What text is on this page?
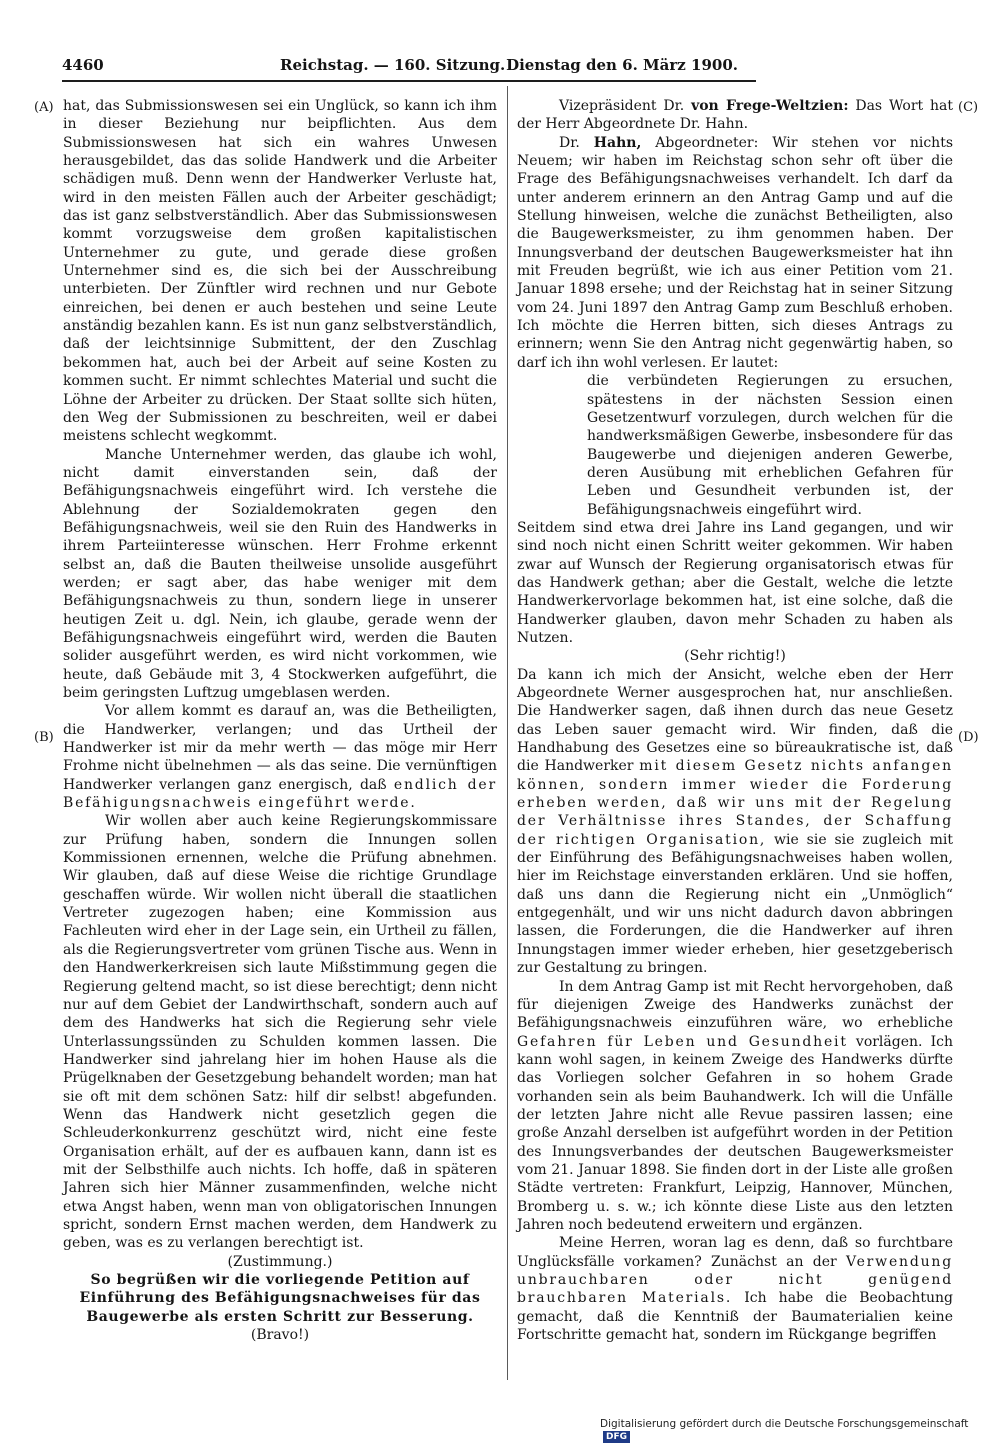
4460	Reichstag. — 160. Sitzung. Dienstag den 6. März 1900.
(A)
(B)
(C)
(D)

hat, das Submissionswesen sei ein Unglück, so kann ich ihm in dieser Beziehung nur beipflichten. Aus dem Submissionswesen hat sich ein wahres Unwesen herausgebildet, das das solide Handwerk und die Arbeiter schädigen muß. Denn wenn der Handwerker Verluste hat, wird in den meisten Fällen auch der Arbeiter geschädigt; das ist ganz selbstverständlich. Aber das Submissionswesen kommt vorzugsweise dem großen kapitalistischen Unternehmer zu gute, und gerade diese großen Unternehmer sind es, die sich bei der Ausschreibung unterbieten. Der Zünftler wird rechnen und nur Gebote einreichen, bei denen er auch bestehen und seine Leute anständig bezahlen kann. Es ist nun ganz selbstverständlich, daß der leichtsinnige Submittent, der den Zuschlag bekommen hat, auch bei der Arbeit auf seine Kosten zu kommen sucht. Er nimmt schlechtes Material und sucht die Löhne der Arbeiter zu drücken. Der Staat sollte sich hüten, den Weg der Submissionen zu beschreiten, weil er dabei meistens schlecht wegkommt.

Manche Unternehmer werden, das glaube ich wohl, nicht damit einverstanden sein, daß der Befähigungsnachweis eingeführt wird. Ich verstehe die Ablehnung der Sozialdemokraten gegen den Befähigungsnachweis, weil sie den Ruin des Handwerks in ihrem Parteiinteresse wünschen. Herr Frohme erkennt selbst an, daß die Bauten theilweise unsolide ausgeführt werden; er sagt aber, das habe weniger mit dem Befähigungsnachweis zu thun, sondern liege in unserer heutigen Zeit u. dgl. Nein, ich glaube, gerade wenn der Befähigungsnachweis eingeführt wird, werden die Bauten solider ausgeführt werden, es wird nicht vorkommen, wie heute, daß Gebäude mit 3, 4 Stockwerken aufgeführt, die beim geringsten Luftzug umgeblasen werden.

Vor allem kommt es darauf an, was die Betheiligten, die Handwerker, verlangen; und das Urtheil der Handwerker ist mir da mehr werth — das möge mir Herr Frohme nicht übelnehmen — als das seine. Die vernünftigen Handwerker verlangen ganz energisch, daß endlich der Befähigungsnachweis eingeführt werde.

Wir wollen aber auch keine Regierungskommissare zur Prüfung haben, sondern die Innungen sollen Kommissionen ernennen, welche die Prüfung abnehmen. Wir glauben, daß auf diese Weise die richtige Grundlage geschaffen würde. Wir wollen nicht überall die staatlichen Vertreter zugezogen haben; eine Kommission aus Fachleuten wird eher in der Lage sein, ein Urtheil zu fällen, als die Regierungsvertreter vom grünen Tische aus. Wenn in den Handwerkerkreisen sich laute Mißstimmung gegen die Regierung geltend macht, so ist diese berechtigt; denn nicht nur auf dem Gebiet der Landwirthschaft, sondern auch auf dem des Handwerks hat sich die Regierung sehr viele Unterlassungssünden zu Schulden kommen lassen. Die Handwerker sind jahrelang hier im hohen Hause als die Prügelknaben der Gesetzgebung behandelt worden; man hat sie oft mit dem schönen Satz: hilf dir selbst! abgefunden. Wenn das Handwerk nicht gesetzlich gegen die Schleuderkonkurrenz geschützt wird, nicht eine feste Organisation erhält, auf der es aufbauen kann, dann ist es mit der Selbsthilfe auch nichts. Ich hoffe, daß in späteren Jahren sich hier Männer zusammenfinden, welche nicht etwa Angst haben, wenn man von obligatorischen Innungen spricht, sondern Ernst machen werden, dem Handwerk zu geben, was es zu verlangen berechtigt ist.

(Zustimmung.)

So begrüßen wir die vorliegende Petition auf Einführung des Befähigungsnachweises für das Baugewerbe als ersten Schritt zur Besserung.

(Bravo!)

Vizepräsident Dr. von Frege-Weltzien: Das Wort hat der Herr Abgeordnete Dr. Hahn.

Dr. Hahn, Abgeordneter: Wir stehen vor nichts Neuem; wir haben im Reichstag schon sehr oft über die Frage des Befähigungsnachweises verhandelt. Ich darf da unter anderem erinnern an den Antrag Gamp und auf die Stellung hinweisen, welche die zunächst Betheiligten, also die Baugewerksmeister, zu ihm genommen haben. Der Innungsverband der deutschen Baugewerksmeister hat ihn mit Freuden begrüßt, wie ich aus einer Petition vom 21. Januar 1898 ersehe; und der Reichstag hat in seiner Sitzung vom 24. Juni 1897 den Antrag Gamp zum Beschluß erhoben. Ich möchte die Herren bitten, sich dieses Antrags zu erinnern; wenn Sie den Antrag nicht gegenwärtig haben, so darf ich ihn wohl verlesen. Er lautet:

die verbündeten Regierungen zu ersuchen, spätestens in der nächsten Session einen Gesetzentwurf vorzulegen, durch welchen für die handwerksmäßigen Gewerbe, insbesondere für das Baugewerbe und diejenigen anderen Gewerbe, deren Ausübung mit erheblichen Gefahren für Leben und Gesundheit verbunden ist, der Befähigungsnachweis eingeführt wird.

Seitdem sind etwa drei Jahre ins Land gegangen, und wir sind noch nicht einen Schritt weiter gekommen. Wir haben zwar auf Wunsch der Regierung organisatorisch etwas für das Handwerk gethan; aber die Gestalt, welche die letzte Handwerkervorlage bekommen hat, ist eine solche, daß die Handwerker glauben, davon mehr Schaden zu haben als Nutzen.

(Sehr richtig!)

Da kann ich mich der Ansicht, welche eben der Herr Abgeordnete Werner ausgesprochen hat, nur anschließen. Die Handwerker sagen, daß ihnen durch das neue Gesetz das Leben sauer gemacht wird. Wir finden, daß die Handhabung des Gesetzes eine so büreaukratische ist, daß die Handwerker mit diesem Gesetz nichts anfangen können, sondern immer wieder die Forderung erheben werden, daß wir uns mit der Regelung der Verhältnisse ihres Standes, der Schaffung der richtigen Organisation, wie sie sie zugleich mit der Einführung des Befähigungsnachweises haben wollen, hier im Reichstage einverstanden erklären. Und sie hoffen, daß uns dann die Regierung nicht ein „Unmöglich“ entgegenhält, und wir uns nicht dadurch davon abbringen lassen, die Forderungen, die die Handwerker auf ihren Innungstagen immer wieder erheben, hier gesetzgeberisch zur Gestaltung zu bringen.

In dem Antrag Gamp ist mit Recht hervorgehoben, daß für diejenigen Zweige des Handwerks zunächst der Befähigungsnachweis einzuführen wäre, wo erhebliche Gefahren für Leben und Gesundheit vorlägen. Ich kann wohl sagen, in keinem Zweige des Handwerks dürfte das Vorliegen solcher Gefahren in so hohem Grade vorhanden sein als beim Bauhandwerk. Ich will die Unfälle der letzten Jahre nicht alle Revue passiren lassen; eine große Anzahl derselben ist aufgeführt worden in der Petition des Innungsverbandes der deutschen Baugewerksmeister vom 21. Januar 1898. Sie finden dort in der Liste alle großen Städte vertreten: Frankfurt, Leipzig, Hannover, München, Bromberg u. s. w.; ich könnte diese Liste aus den letzten Jahren noch bedeutend erweitern und ergänzen.

Meine Herren, woran lag es denn, daß so furchtbare Unglücksfälle vorkamen? Zunächst an der Verwendung unbrauchbaren oder nicht genügend brauchbaren Materials. Ich habe die Beobachtung gemacht, daß die Kenntniß der Baumaterialien keine Fortschritte gemacht hat, sondern im Rückgange begriffen

Digitalisierung gefördert durch die Deutsche Forschungsgemeinschaft DFG
